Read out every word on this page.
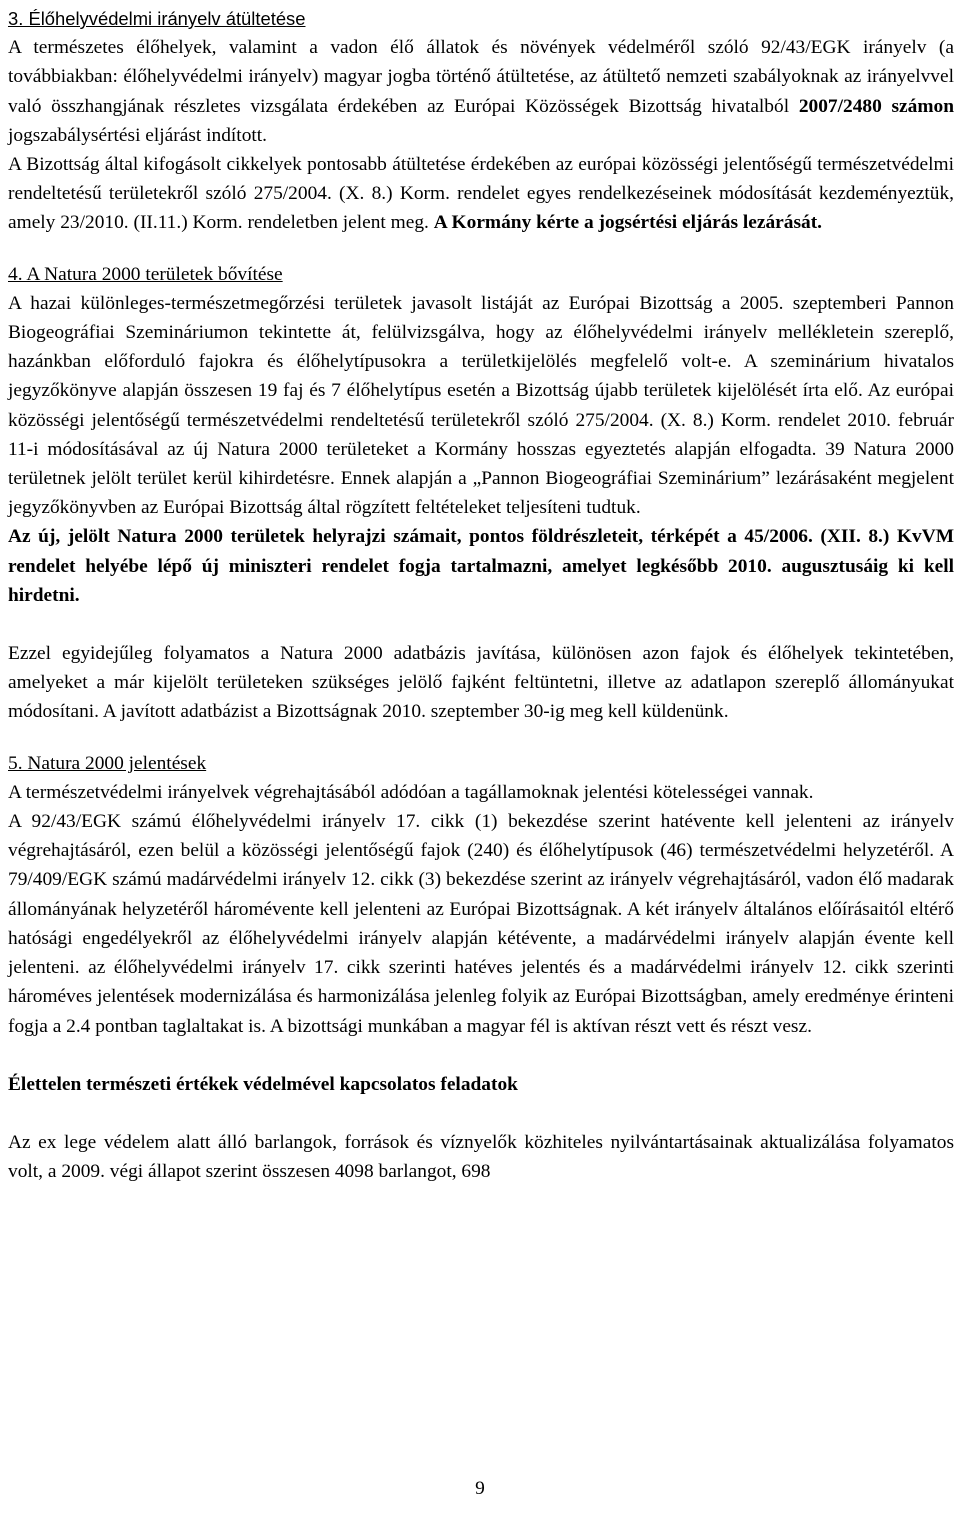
3. Élőhelyvédelmi irányelv átültetése

A természetes élőhelyek, valamint a vadon élő állatok és növények védelméről szóló 92/43/EGK irányelv (a továbbiakban: élőhelyvédelmi irányelv) magyar jogba történő átültetése, az átültető nemzeti szabályoknak az irányelvvel való összhangjának részletes vizsgálata érdekében az Európai Közösségek Bizottság hivatalból 2007/2480 számon jogszabálysértési eljárást indított.

A Bizottság által kifogásolt cikkelyek pontosabb átültetése érdekében az európai közösségi jelentőségű természetvédelmi rendeltetésű területekről szóló 275/2004. (X. 8.) Korm. rendelet egyes rendelkezéseinek módosítását kezdeményeztük, amely 23/2010. (II.11.) Korm. rendeletben jelent meg. A Kormány kérte a jogsértési eljárás lezárását.

4. A Natura 2000 területek bővítése

A hazai különleges-természetmegőrzési területek javasolt listáját az Európai Bizottság a 2005. szeptemberi Pannon Biogeográfiai Szemináriumon tekintette át, felülvizsgálva, hogy az élőhelyvédelmi irányelv mellékletein szereplő, hazánkban előforduló fajokra és élőhelytípusokra a területkijelölés megfelelő volt-e. A szeminárium hivatalos jegyzőkönyve alapján összesen 19 faj és 7 élőhelytípus esetén a Bizottság újabb területek kijelölését írta elő. Az európai közösségi jelentőségű természetvédelmi rendeltetésű területekről szóló 275/2004. (X. 8.) Korm. rendelet 2010. február 11-i módosításával az új Natura 2000 területeket a Kormány hosszas egyeztetés alapján elfogadta. 39 Natura 2000 területnek jelölt terület kerül kihirdetésre. Ennek alapján a „Pannon Biogeográfiai Szeminárium” lezárásaként megjelent jegyzőkönyvben az Európai Bizottság által rögzített feltételeket teljesíteni tudtuk.

Az új, jelölt Natura 2000 területek helyrajzi számait, pontos földrészleteit, térképét a 45/2006. (XII. 8.) KvVM rendelet helyébe lépő új miniszteri rendelet fogja tartalmazni, amelyet legkésőbb 2010. augusztusáig ki kell hirdetni.

Ezzel egyidejűleg folyamatos a Natura 2000 adatbázis javítása, különösen azon fajok és élőhelyek tekintetében, amelyeket a már kijelölt területeken szükséges jelölő fajként feltüntetni, illetve az adatlapon szereplő állományukat módosítani. A javított adatbázist a Bizottságnak 2010. szeptember 30-ig meg kell küldenünk.

5. Natura 2000 jelentések

A természetvédelmi irányelvek végrehajtásából adódóan a tagállamoknak jelentési kötelességei vannak.

A 92/43/EGK számú élőhelyvédelmi irányelv 17. cikk (1) bekezdése szerint hatévente kell jelenteni az irányelv végrehajtásáról, ezen belül a közösségi jelentőségű fajok (240) és élőhelytípusok (46) természetvédelmi helyzetéről. A 79/409/EGK számú madárvédelmi irányelv 12. cikk (3) bekezdése szerint az irányelv végrehajtásáról, vadon élő madarak állományának helyzetéről háromévente kell jelenteni az Európai Bizottságnak. A két irányelv általános előírásaitól eltérő hatósági engedélyekről az élőhelyvédelmi irányelv alapján kétévente, a madárvédelmi irányelv alapján évente kell jelenteni. az élőhelyvédelmi irányelv 17. cikk szerinti hatéves jelentés és a madárvédelmi irányelv 12. cikk szerinti hároméves jelentések modernizálása és harmonizálása jelenleg folyik az Európai Bizottságban, amely eredménye érinteni fogja a 2.4 pontban taglaltakat is. A bizottsági munkában a magyar fél is aktívan részt vett és részt vesz.

Élettelen természeti értékek védelmével kapcsolatos feladatok

Az ex lege védelem alatt álló barlangok, források és víznyelők közhiteles nyilvántartásainak aktualizálása folyamatos volt, a 2009. végi állapot szerint összesen 4098 barlangot, 698

9
